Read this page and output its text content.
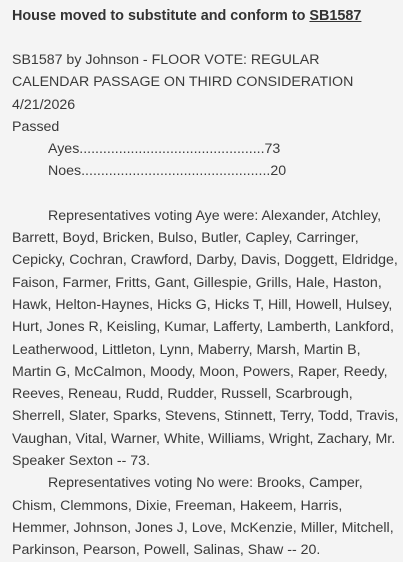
House moved to substitute and conform to SB1587

SB1587 by Johnson - FLOOR VOTE: REGULAR CALENDAR PASSAGE ON THIRD CONSIDERATION 4/21/2026

Passed

Ayes...............................................73

Noes................................................20

Representatives voting Aye were: Alexander, Atchley, Barrett, Boyd, Bricken, Bulso, Butler, Capley, Carringer, Cepicky, Cochran, Crawford, Darby, Davis, Doggett, Eldridge, Faison, Farmer, Fritts, Gant, Gillespie, Grills, Hale, Haston, Hawk, Helton-Haynes, Hicks G, Hicks T, Hill, Howell, Hulsey, Hurt, Jones R, Keisling, Kumar, Lafferty, Lamberth, Lankford, Leatherwood, Littleton, Lynn, Maberry, Marsh, Martin B, Martin G, McCalmon, Moody, Moon, Powers, Raper, Reedy, Reeves, Reneau, Rudd, Rudder, Russell, Scarbrough, Sherrell, Slater, Sparks, Stevens, Stinnett, Terry, Todd, Travis, Vaughan, Vital, Warner, White, Williams, Wright, Zachary, Mr. Speaker Sexton -- 73.

Representatives voting No were: Brooks, Camper, Chism, Clemmons, Dixie, Freeman, Hakeem, Harris, Hemmer, Johnson, Jones J, Love, McKenzie, Miller, Mitchell, Parkinson, Pearson, Powell, Salinas, Shaw -- 20.
